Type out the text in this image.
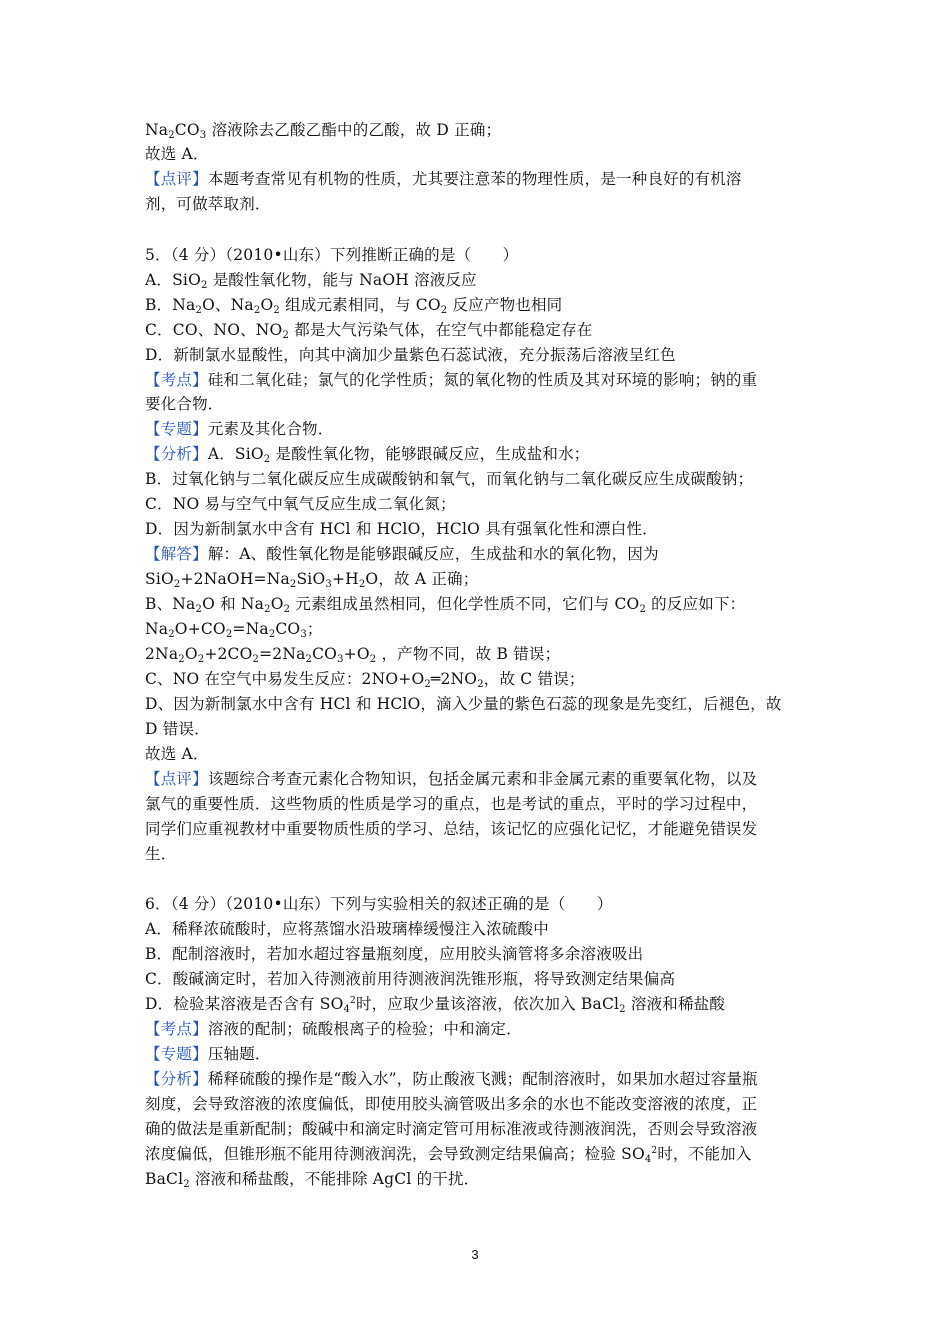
$Na_2CO_3$ 溶液除去乙酸乙酯中的乙酸，故 D 正确；
故选 A．
【点评】本题考查常见有机物的性质，尤其要注意苯的物理性质，是一种良好的有机溶
剂，可做萃取剂．
5．（4 分）（2010•山东）下列推断正确的是（　　）
A．SiO$_2$ 是酸性氧化物，能与 NaOH 溶液反应
B．$Na_2O$、$Na_2O_2$ 组成元素相同，与 $CO_2$ 反应产物也相同
C．CO、NO、$NO_2$ 都是大气污染气体，在空气中都能稳定存在
D．新制氯水显酸性，向其中滴加少量紫色石蕊试液，充分振荡后溶液呈红色
【考点】硅和二氧化硅；氯气的化学性质；氮的氧化物的性质及其对环境的影响；钠的重
要化合物．
【专题】元素及其化合物．
【分析】A．SiO$_2$ 是酸性氧化物，能够跟碱反应，生成盐和水；
B．过氧化钠与二氧化碳反应生成碳酸钠和氧气，而氧化钠与二氧化碳反应生成碳酸钠；
C．NO 易与空气中氧气反应生成二氧化氮；
D．因为新制氯水中含有 HCl 和 HClO，HClO 具有强氧化性和漂白性．
【解答】解：A、酸性氧化物是能够跟碱反应，生成盐和水的氧化物，因为
$SiO_2+2NaOH=Na_2SiO_3+H_2O$，故 A 正确；
B、$Na_2O$ 和 $Na_2O_2$ 元素组成虽然相同，但化学性质不同，它们与 $CO_2$ 的反应如下：
$Na_2O+CO_2=Na_2CO_3$；
$2Na_2O_2+2CO_2=2Na_2CO_3+O_2$ ，产物不同，故 B 错误；
C、NO 在空气中易发生反应：$2NO+O_2═2NO_2$，故 C 错误；
D、因为新制氯水中含有 HCl 和 HClO，滴入少量的紫色石蕊的现象是先变红，后褪色，故
D 错误．
故选 A．
【点评】该题综合考查元素化合物知识，包括金属元素和非金属元素的重要氧化物，以及
氯气的重要性质．这些物质的性质是学习的重点，也是考试的重点，平时的学习过程中，
同学们应重视教材中重要物质性质的学习、总结，该记忆的应强化记忆，才能避免错误发
生．
6．（4 分）（2010•山东）下列与实验相关的叙述正确的是（　　）
A．稀释浓硫酸时，应将蒸馏水沿玻璃棒缓慢注入浓硫酸中
B．配制溶液时，若加水超过容量瓶刻度，应用胶头滴管将多余溶液吸出
C．酸碱滴定时，若加入待测液前用待测液润洗锥形瓶，将导致测定结果偏高
D．检验某溶液是否含有 $SO_4^2$时，应取少量该溶液，依次加入 BaCl$_2$ 溶液和稀盐酸
【考点】溶液的配制；硫酸根离子的检验；中和滴定．
【专题】压轴题．
【分析】稀释硫酸的操作是“酸入水”，防止酸液飞溅；配制溶液时，如果加水超过容量瓶
刻度，会导致溶液的浓度偏低，即使用胶头滴管吸出多余的水也不能改变溶液的浓度，正
确的做法是重新配制；酸碱中和滴定时滴定管可用标准液或待测液润洗，否则会导致溶液
浓度偏低，但锥形瓶不能用待测液润洗，会导致测定结果偏高；检验 $SO_4^2$时，不能加入
BaCl$_2$ 溶液和稀盐酸，不能排除 AgCl 的干扰．
3
